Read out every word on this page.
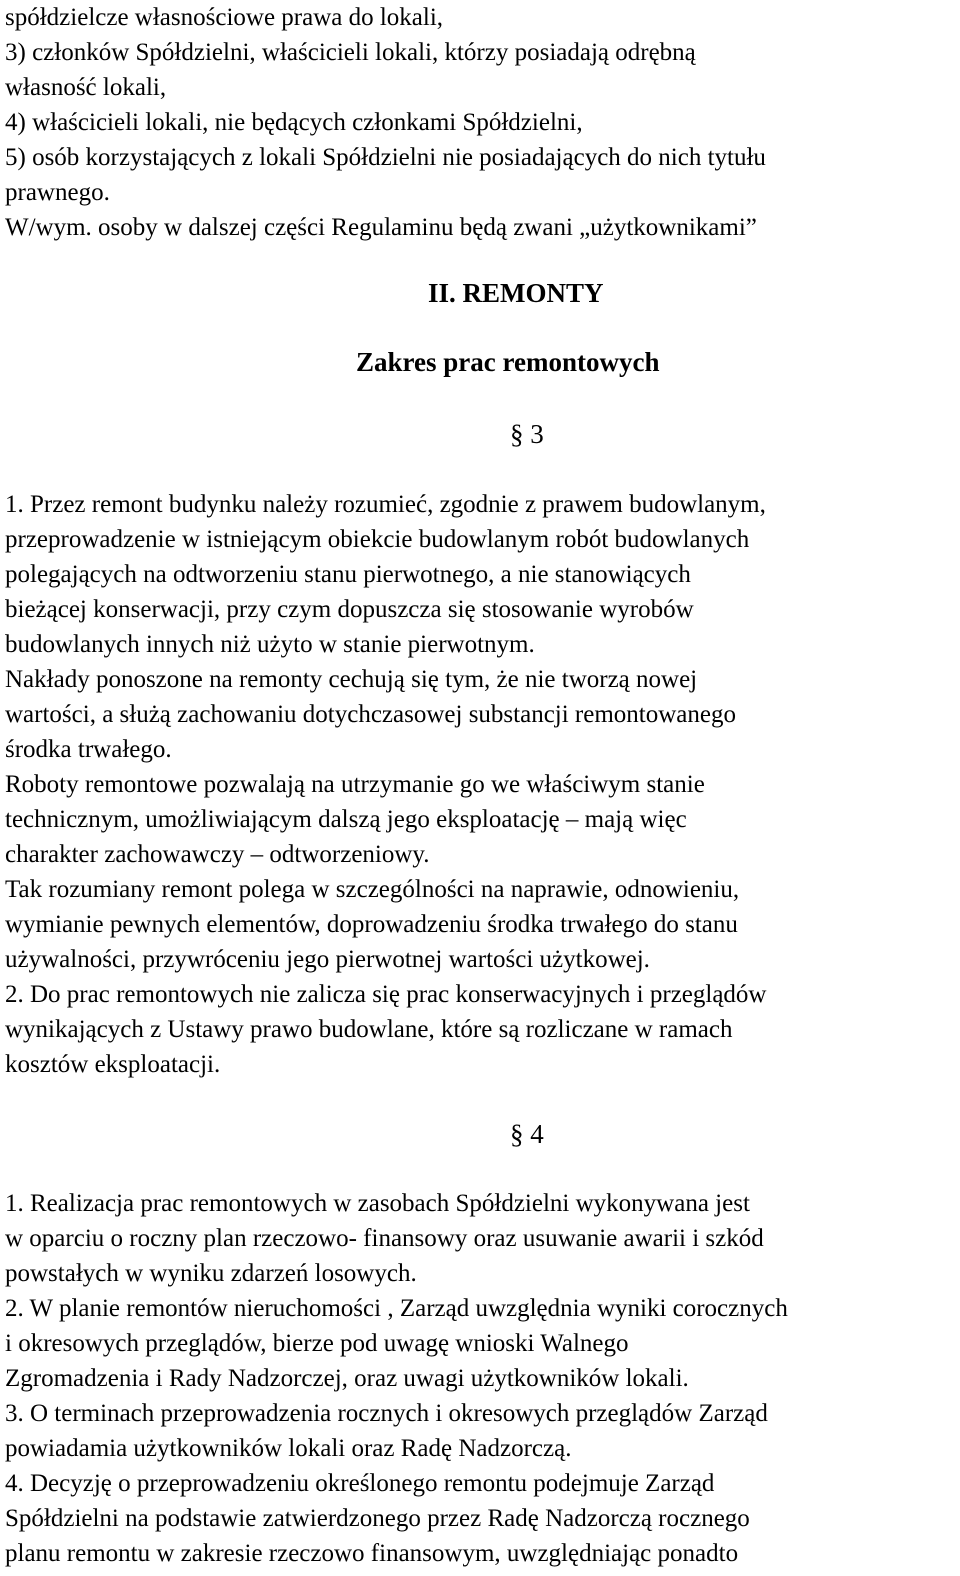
spółdzielcze własnościowe prawa do lokali,
3) członków Spółdzielni, właścicieli lokali, którzy posiadają odrębną
własność lokali,
4) właścicieli lokali, nie będących członkami Spółdzielni,
5) osób korzystających z lokali Spółdzielni nie posiadających do nich tytułu
prawnego.
W/wym. osoby w dalszej części Regulaminu będą zwani „użytkownikami”
II. REMONTY
Zakres prac remontowych
§ 3
1. Przez remont budynku należy rozumieć, zgodnie z prawem budowlanym,
przeprowadzenie w istniejącym obiekcie budowlanym robót budowlanych
polegających na odtworzeniu stanu pierwotnego, a nie stanowiących
bieżącej konserwacji, przy czym dopuszcza się stosowanie wyrobów
budowlanych innych niż użyto w stanie pierwotnym.
Nakłady ponoszone na remonty cechują się tym, że nie tworzą nowej
wartości, a służą zachowaniu dotychczasowej substancji remontowanego
środka trwałego.
Roboty remontowe pozwalają na utrzymanie go we właściwym stanie
technicznym, umożliwiającym dalszą jego eksploatację – mają więc
charakter zachowawczy – odtworzeniowy.
Tak rozumiany remont polega w szczególności na naprawie, odnowieniu,
wymianie pewnych elementów, doprowadzeniu środka trwałego do stanu
używalności, przywróceniu jego pierwotnej wartości użytkowej.
2. Do prac remontowych nie zalicza się prac konserwacyjnych i przeglądów
wynikających z Ustawy prawo budowlane, które są rozliczane w ramach
kosztów eksploatacji.
§ 4
1. Realizacja prac remontowych w zasobach Spółdzielni wykonywana jest
w oparciu o roczny plan rzeczowo- finansowy oraz usuwanie awarii i szkód
powstałych w wyniku zdarzeń losowych.
2. W planie remontów nieruchomości , Zarząd uwzględnia wyniki corocznych
i okresowych przeglądów, bierze pod uwagę wnioski Walnego
Zgromadzenia i Rady Nadzorczej, oraz uwagi użytkowników lokali.
3. O terminach przeprowadzenia rocznych i okresowych przeglądów Zarząd
powiadamia użytkowników lokali oraz Radę Nadzorczą.
4. Decyzję o przeprowadzeniu określonego remontu podejmuje Zarząd
Spółdzielni na podstawie zatwierdzonego przez Radę Nadzorczą rocznego
planu remontu w zakresie rzeczowo finansowym, uwzględniając ponadto
